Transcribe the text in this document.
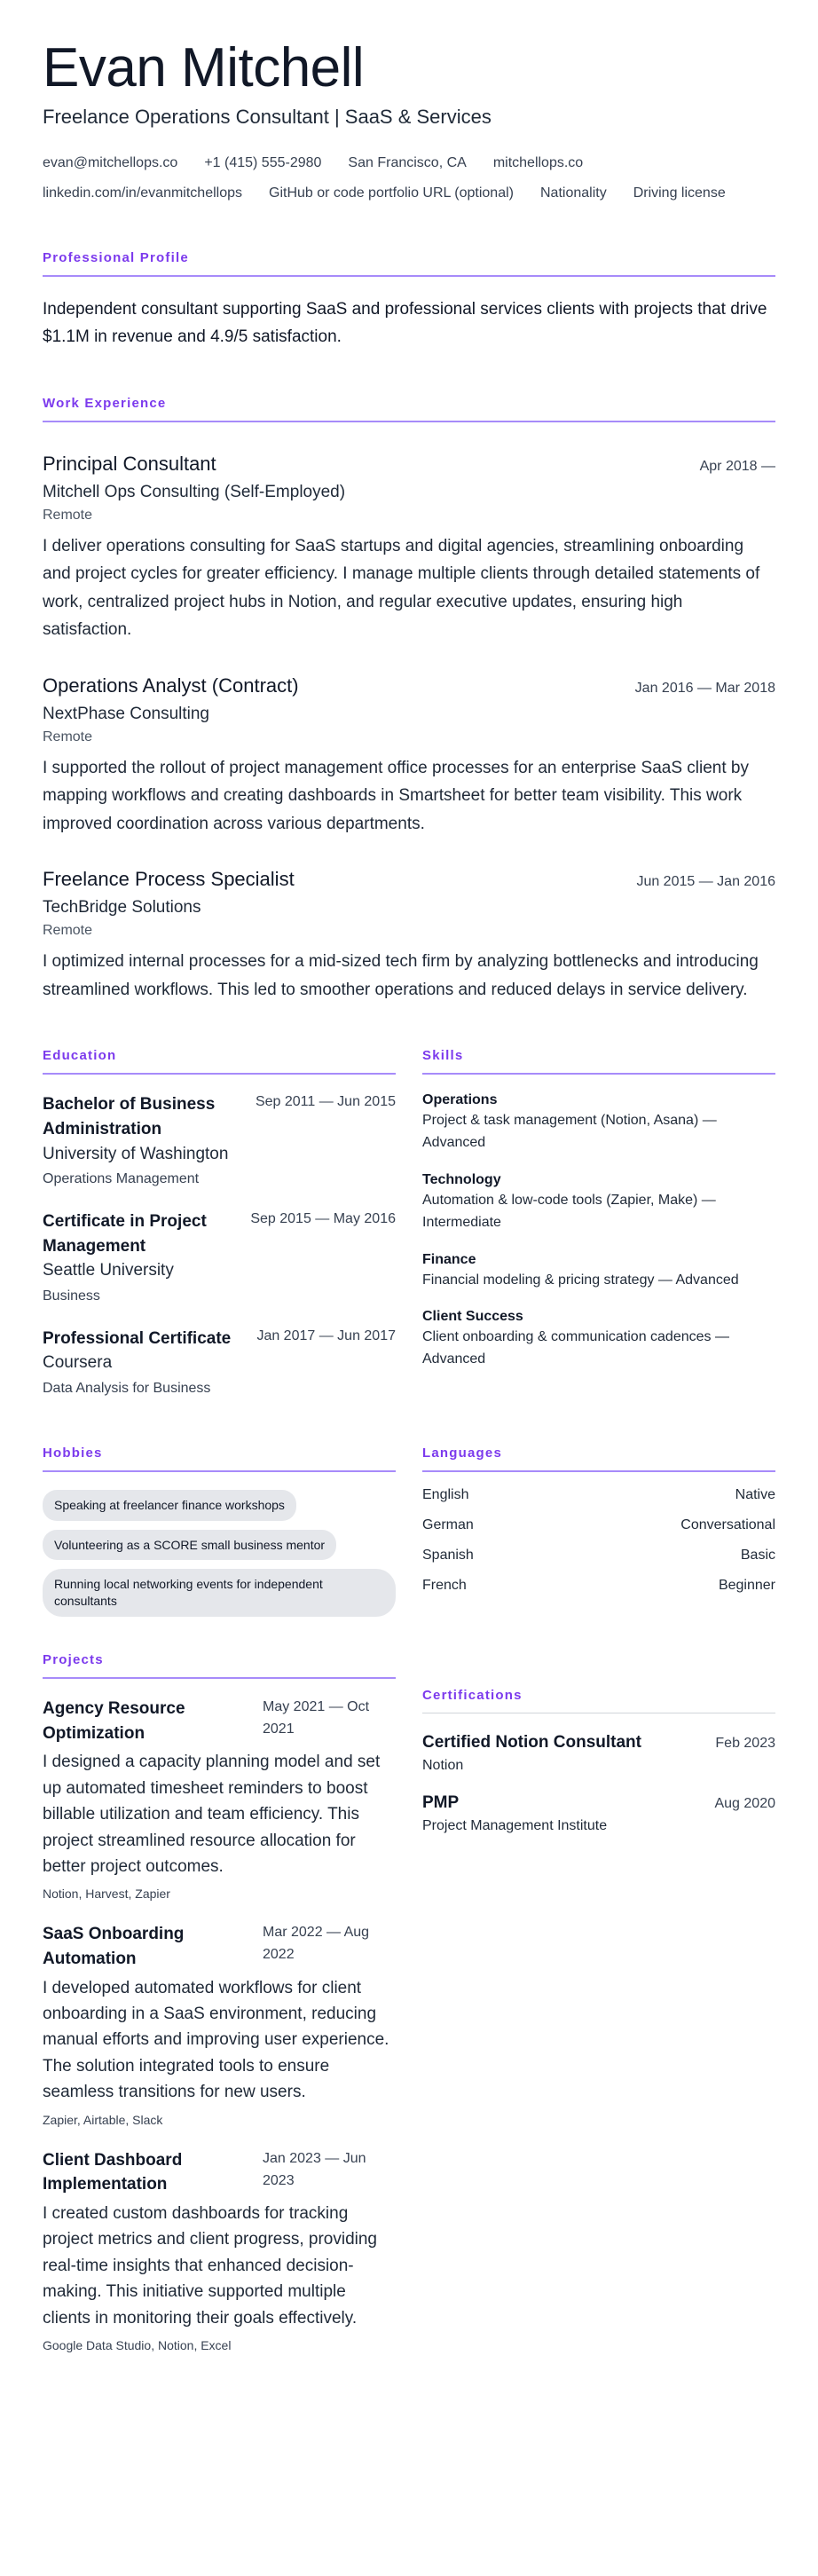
Evan Mitchell
Freelance Operations Consultant | SaaS & Services
evan@mitchellops.co +1 (415) 555-2980 San Francisco, CA mitchellops.co
linkedin.com/in/evanmitchellops GitHub or code portfolio URL (optional) Nationality Driving license
Professional Profile

Independent consultant supporting SaaS and professional services clients with projects that drive $1.1M in revenue and 4.9/5 satisfaction.

Work Experience
Principal Consultant	Apr 2018 —
Mitchell Ops Consulting (Self-Employed)
Remote

I deliver operations consulting for SaaS startups and digital agencies, streamlining onboarding and project cycles for greater efficiency. I manage multiple clients through detailed statements of work, centralized project hubs in Notion, and regular executive updates, ensuring high satisfaction.

Operations Analyst (Contract)	Jan 2016 — Mar 2018
NextPhase Consulting
Remote

I supported the rollout of project management office processes for an enterprise SaaS client by mapping workflows and creating dashboards in Smartsheet for better team visibility. This work improved coordination across various departments.

Freelance Process Specialist	Jun 2015 — Jan 2016
TechBridge Solutions
Remote

I optimized internal processes for a mid-sized tech firm by analyzing bottlenecks and introducing streamlined workflows. This led to smoother operations and reduced delays in service delivery.

Education
Bachelor of Business Administration
University of Washington
Operations Management
Sep 2011 — Jun 2015
Certificate in Project Management
Seattle University
Business
Sep 2015 — May 2016
Professional Certificate
Coursera
Data Analysis for Business
Jan 2017 — Jun 2017
Skills
Operations
Project & task management (Notion, Asana) — Advanced
Technology
Automation & low-code tools (Zapier, Make) — Intermediate
Finance
Financial modeling & pricing strategy — Advanced
Client Success
Client onboarding & communication cadences — Advanced
Hobbies
Speaking at freelancer finance workshops
Volunteering as a SCORE small business mentor
Running local networking events for independent consultants
Languages
English	Native
German	Conversational
Spanish	Basic
French	Beginner
Projects
Agency Resource Optimization
May 2021 — Oct 2021

I designed a capacity planning model and set up automated timesheet reminders to boost billable utilization and team efficiency. This project streamlined resource allocation for better project outcomes.

Notion, Harvest, Zapier
SaaS Onboarding Automation
Mar 2022 — Aug 2022

I developed automated workflows for client onboarding in a SaaS environment, reducing manual efforts and improving user experience. The solution integrated tools to ensure seamless transitions for new users.

Zapier, Airtable, Slack
Client Dashboard Implementation
Jan 2023 — Jun 2023

I created custom dashboards for tracking project metrics and client progress, providing real-time insights that enhanced decision-making. This initiative supported multiple clients in monitoring their goals effectively.

Google Data Studio, Notion, Excel
Certifications
Certified Notion Consultant	Feb 2023
Notion
PMP	Aug 2020
Project Management Institute
